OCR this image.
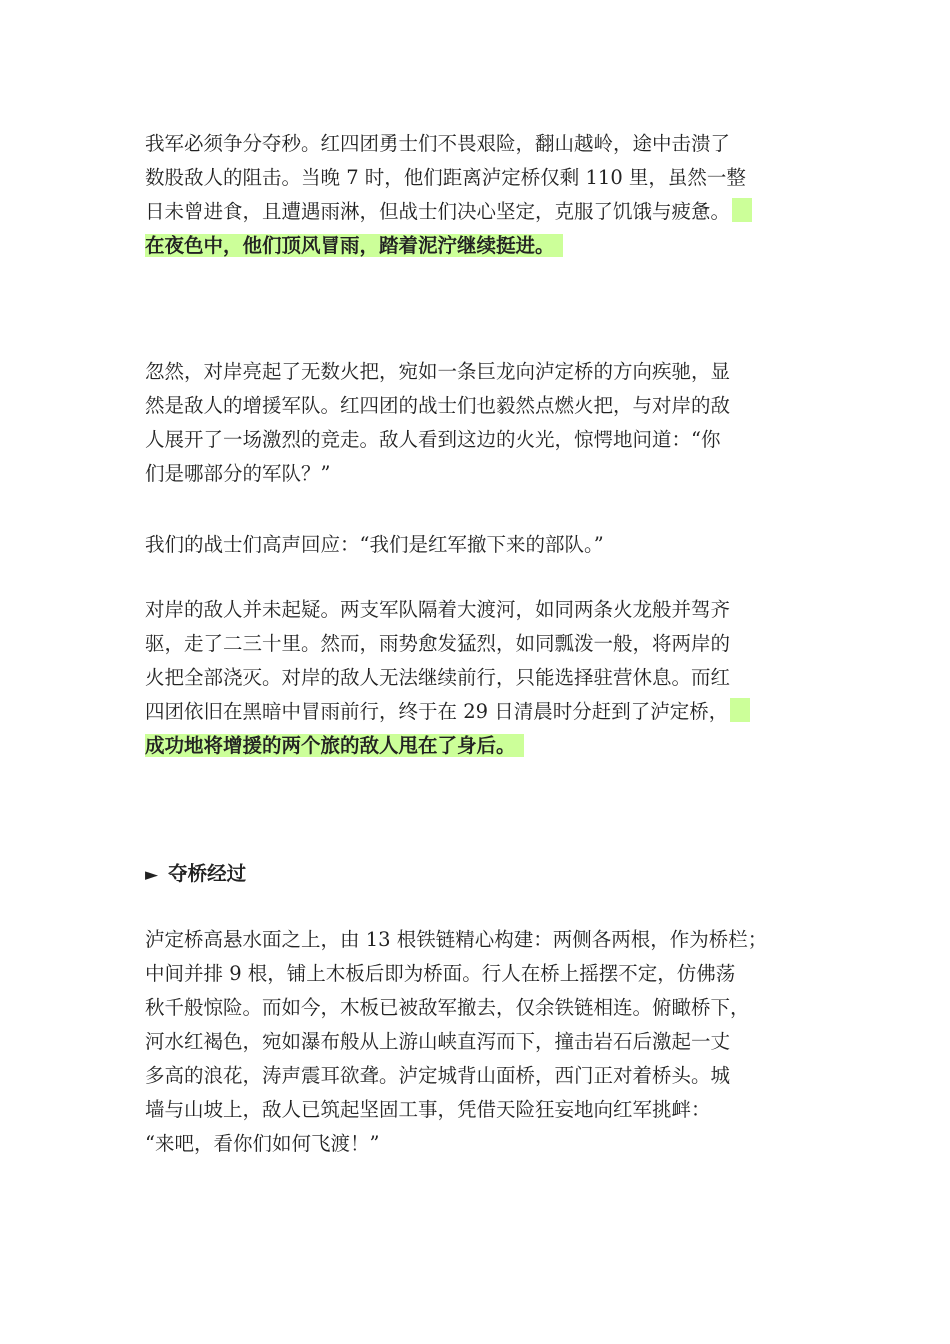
我军必须争分夺秒。红四团勇士们不畏艰险，翻山越岭，途中击溃了
数股敌人的阻击。当晚 7 时，他们距离泸定桥仅剩 110 里，虽然一整
日未曾进食，且遭遇雨淋，但战士们决心坚定，克服了饥饿与疲惫。
在夜色中，他们顶风冒雨，踏着泥泞继续挺进。
忽然，对岸亮起了无数火把，宛如一条巨龙向泸定桥的方向疾驰，显
然是敌人的增援军队。红四团的战士们也毅然点燃火把，与对岸的敌
人展开了一场激烈的竞走。敌人看到这边的火光，惊愕地问道：“你
们是哪部分的军队？”
我们的战士们高声回应：“我们是红军撤下来的部队。”
对岸的敌人并未起疑。两支军队隔着大渡河，如同两条火龙般并驾齐
驱，走了二三十里。然而，雨势愈发猛烈，如同瓢泼一般，将两岸的
火把全部浇灭。对岸的敌人无法继续前行，只能选择驻营休息。而红
四团依旧在黑暗中冒雨前行，终于在 29 日清晨时分赶到了泸定桥，
成功地将增援的两个旅的敌人甩在了身后。
► 夺桥经过
泸定桥高悬水面之上，由 13 根铁链精心构建：两侧各两根，作为桥栏；
中间并排 9 根，铺上木板后即为桥面。行人在桥上摇摆不定，仿佛荡
秋千般惊险。而如今，木板已被敌军撤去，仅余铁链相连。俯瞰桥下，
河水红褐色，宛如瀑布般从上游山峡直泻而下，撞击岩石后激起一丈
多高的浪花，涛声震耳欲聋。泸定城背山面桥，西门正对着桥头。城
墙与山坡上，敌人已筑起坚固工事，凭借天险狂妄地向红军挑衅：
“来吧，看你们如何飞渡！”
